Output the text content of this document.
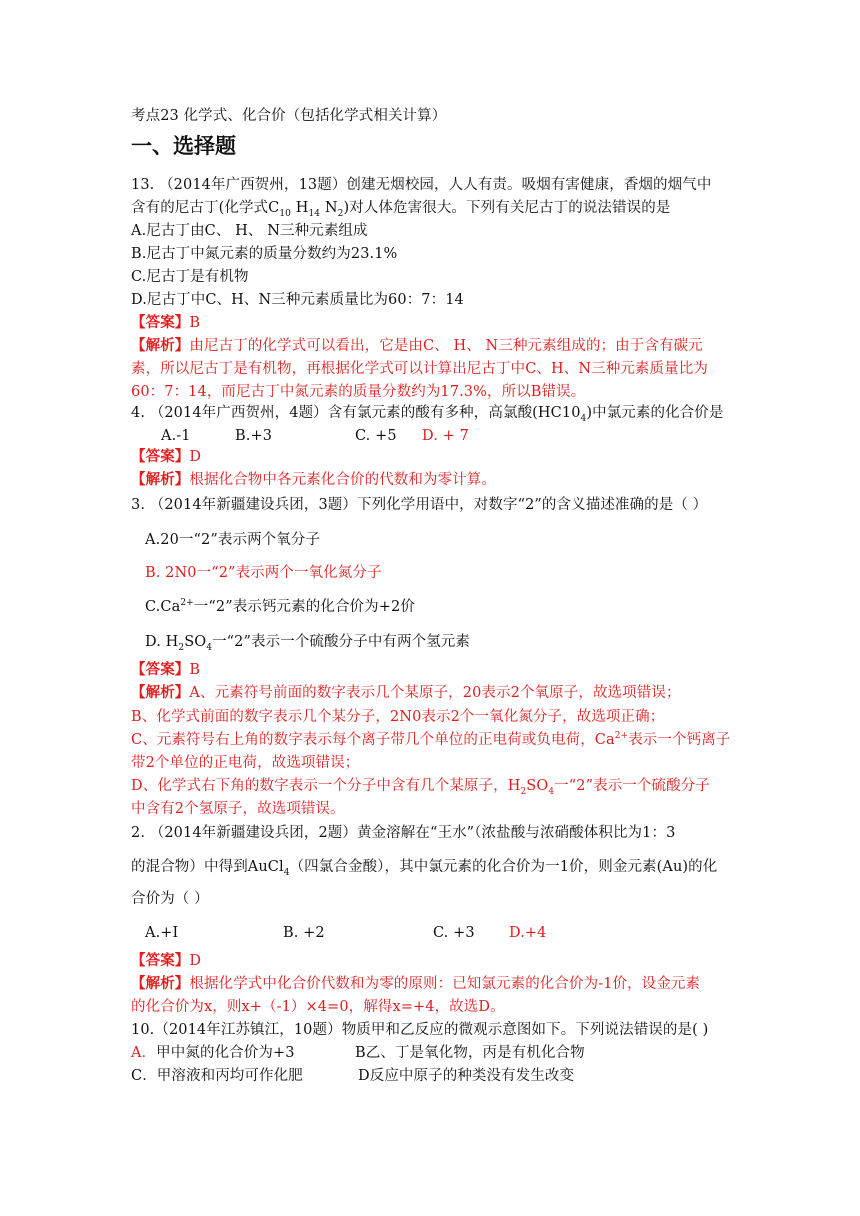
考点23 化学式、化合价（包括化学式相关计算）
一、选择题
13. （2014年广西贺州，13题）创建无烟校园，人人有责。吸烟有害健康，香烟的烟气中
含有的尼古丁(化学式$C_{10}$ $H_{14}$ $N_2$)对人体危害很大。下列有关尼古丁的说法错误的是
A.尼古丁由C、 H、 N三种元素组成
B.尼古丁中氮元素的质量分数约为23.1%
C.尼古丁是有机物
D.尼古丁中C、H、N三种元素质量比为60：7：14
【答案】B
【解析】由尼古丁的化学式可以看出，它是由C、 H、 N三种元素组成的；由于含有碳元
素，所以尼古丁是有机物，再根据化学式可以计算出尼古丁中C、H、N三种元素质量比为
60：7：14，而尼古丁中氮元素的质量分数约为17.3%，所以B错误。
4. （2014年广西贺州，4题）含有氯元素的酸有多种，高氯酸$(HC10_4)$中氯元素的化合价是
A.-1	B.+3	C. +5 D. + 7
【答案】D
【解析】根据化合物中各元素化合价的代数和为零计算。
3. （2014年新疆建设兵团，3题）下列化学用语中，对数字“2”的含义描述准确的是（ ）
A.20一“2”表示两个氧分子
B. 2N0一“2”表示两个一氧化氮分子
$C.Ca^{2+}$一“2”表示钙元素的化合价为+2价
D. $H_2SO_4$一“2”表示一个硫酸分子中有两个氢元素
【答案】B
【解析】A、元素符号前面的数字表示几个某原子，20表示2个氧原子，故选项错误；
B、化学式前面的数字表示几个某分子，2N0表示2个一氧化氮分子，故选项正确；
C、元素符号右上角的数字表示每个离子带几个单位的正电荷或负电荷，$Ca^{2+}$表示一个钙离子
带2个单位的正电荷，故选项错误；
D、化学式右下角的数字表示一个分子中含有几个某原子，$H_2SO_4$一“2”表示一个硫酸分子
中含有2个氢原子，故选项错误。
2. （2014年新疆建设兵团，2题）黄金溶解在“王水”（浓盐酸与浓硝酸体积比为1：3
的混合物）中得到AuCl$_4$（四氯合金酸），其中氯元素的化合价为一1价，则金元素(Au)的化
合价为（ ）
A.+I	B. +2	C. +3 D.+4
【答案】D
【解析】根据化学式中化合价代数和为零的原则：已知氯元素的化合价为-1价，设金元素
的化合价为x，则x+（-1）×4=0，解得x=+4，故选D。
10.（2014年江苏镇江，10题）物质甲和乙反应的微观示意图如下。下列说法错误的是( )
A．甲中氮的化合价为+3	B乙、丁是氧化物，丙是有机化合物
C．甲溶液和丙均可作化肥	D反应中原子的种类没有发生改变
